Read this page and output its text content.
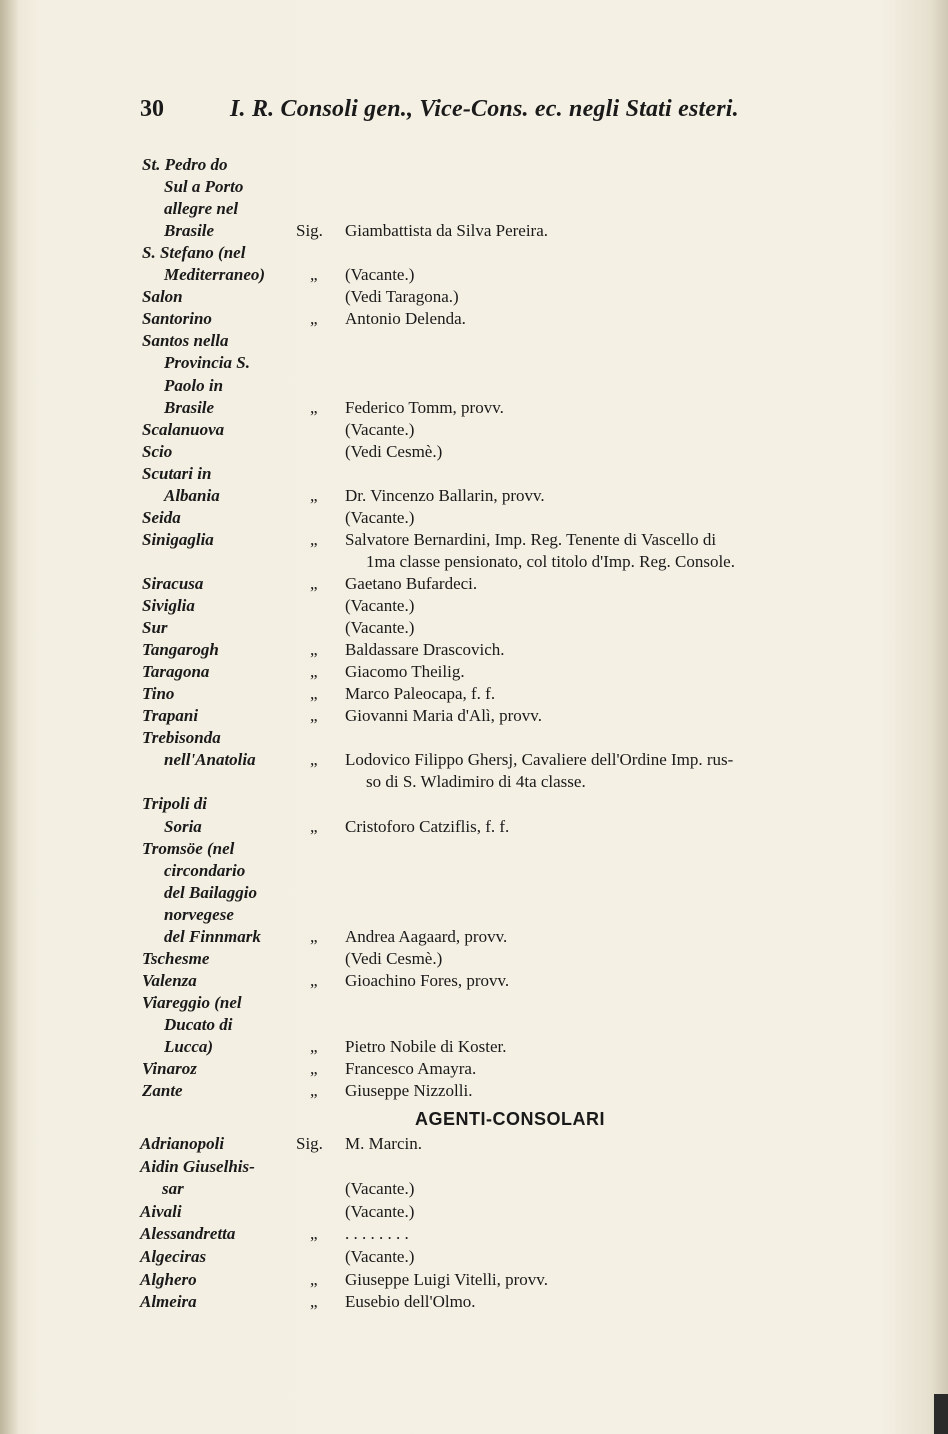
30	I. R. Consoli gen., Vice-Cons. ec. negli Stati esteri.
St. Pedro do
Sul a Porto
allegre nel
Brasile	Sig. Giambattista da Silva Pereira.
S. Stefano (nel
Mediterraneo)	„ (Vacante.)
Salon	(Vedi Taragona.)
Santorino	„ Antonio Delenda.
Santos nella
Provincia S.
Paolo in
Brasile	„ Federico Tomm, provv.
Scalanuova	(Vacante.)
Scio	(Vedi Cesmè.)
Scutari in
Albania	„ Dr. Vincenzo Ballarin, provv.
Seida	(Vacante.)
Sinigaglia	„ Salvatore Bernardini, Imp. Reg. Tenente di Vascello di
1ma classe pensionato, col titolo d'Imp. Reg. Console.
Siracusa	„ Gaetano Bufardeci.
Siviglia	(Vacante.)
Sur	(Vacante.)
Tangarogh	„ Baldassare Drascovich.
Taragona	„ Giacomo Theilig.
Tino	„ Marco Paleocapa, f. f.
Trapani	„ Giovanni Maria d'Alì, provv.
Trebisonda
nell'Anatolia	„ Lodovico Filippo Ghersj, Cavaliere dell'Ordine Imp. rus-
so di S. Wladimiro di 4ta classe.
Tripoli di
Soria	„ Cristoforo Catziflis, f. f.
Tromsöe (nel
circondario
del Bailaggio
norvegese
del Finnmark	„ Andrea Aagaard, provv.
Tschesme	(Vedi Cesmè.)
Valenza	„ Gioachino Fores, provv.
Viareggio (nel
Ducato di
Lucca)	„ Pietro Nobile di Koster.
Vinaroz	„ Francesco Amayra.
Zante	„ Giuseppe Nizzolli.
AGENTI-CONSOLARI
Adrianopoli	Sig. M. Marcin.
Aidin Giuselhis-
sar	(Vacante.)
Aivali	(Vacante.)
Alessandretta	„ . . . . . . . .
Algeciras	(Vacante.)
Alghero	„ Giuseppe Luigi Vitelli, provv.
Almeira	„ Eusebio dell'Olmo.
